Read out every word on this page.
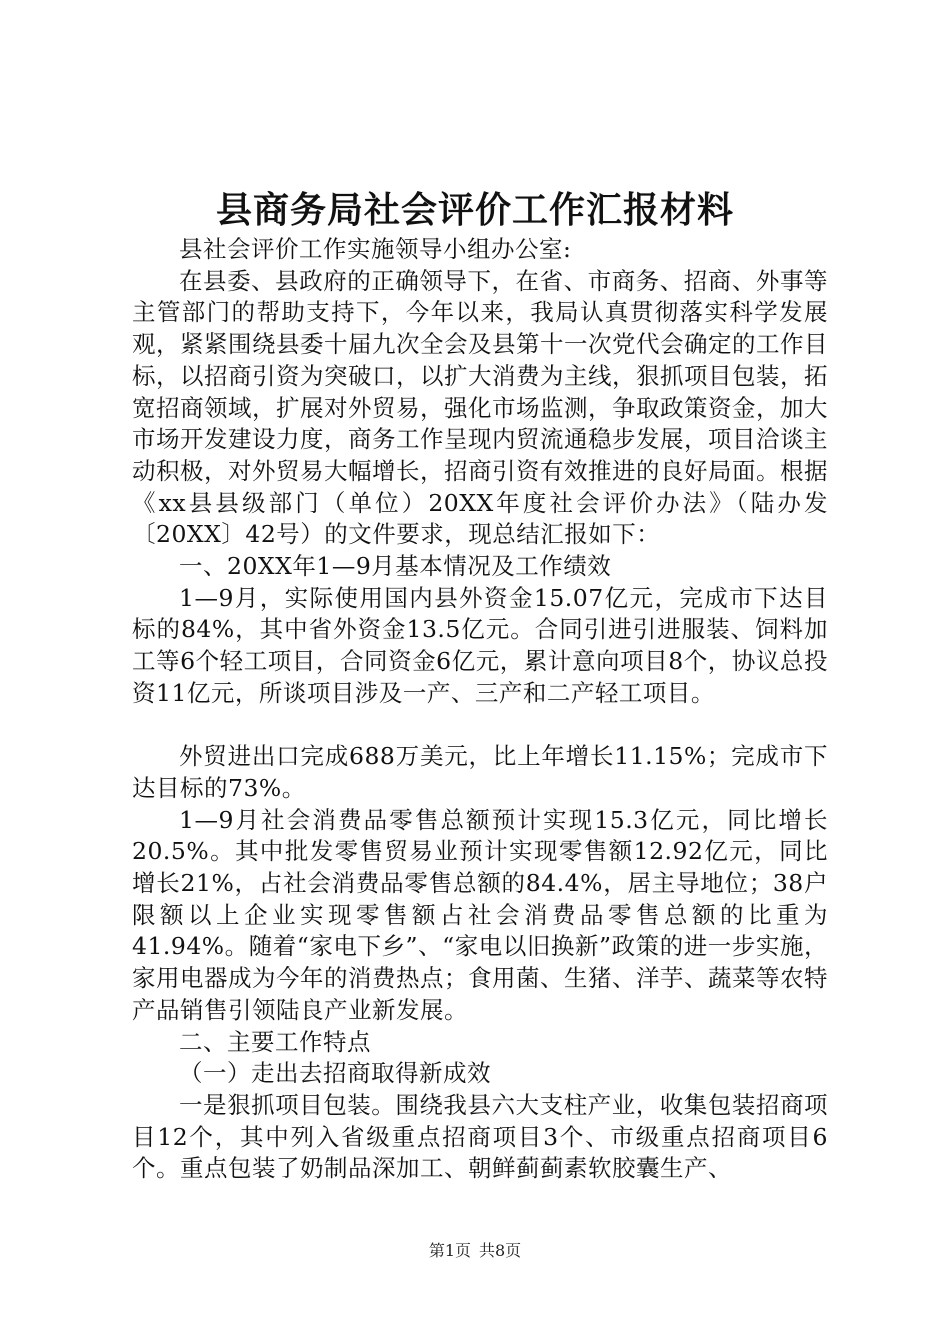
县商务局社会评价工作汇报材料

县社会评价工作实施领导小组办公室:

在县委、县政府的正确领导下，在省、市商务、招商、外事等主管部门的帮助支持下，今年以来，我局认真贯彻落实科学发展观，紧紧围绕县委十届九次全会及县第十一次党代会确定的工作目标，以招商引资为突破口，以扩大消费为主线，狠抓项目包装，拓宽招商领域，扩展对外贸易，强化市场监测，争取政策资金，加大市场开发建设力度，商务工作呈现内贸流通稳步发展，项目洽谈主动积极，对外贸易大幅增长，招商引资有效推进的良好局面。根据《xx县县级部门（单位）20XX年度社会评价办法》（陆办发〔20XX〕42号）的文件要求，现总结汇报如下：

一、20XX年1—9月基本情况及工作绩效

1—9月，实际使用国内县外资金15.07亿元，完成市下达目标的84%，其中省外资金13.5亿元。合同引进引进服装、饲料加工等6个轻工项目，合同资金6亿元，累计意向项目8个，协议总投资11亿元，所谈项目涉及一产、三产和二产轻工项目。

外贸进出口完成688万美元，比上年增长11.15%；完成市下达目标的73%。

1—9月社会消费品零售总额预计实现15.3亿元，同比增长20.5%。其中批发零售贸易业预计实现零售额12.92亿元，同比增长21%，占社会消费品零售总额的84.4%，居主导地位；38户限额以上企业实现零售额占社会消费品零售总额的比重为41.94%。随着“家电下乡”、“家电以旧换新”政策的进一步实施，家用电器成为今年的消费热点；食用菌、生猪、洋芋、蔬菜等农特产品销售引领陆良产业新发展。

二、主要工作特点

（一）走出去招商取得新成效

一是狠抓项目包装。围绕我县六大支柱产业，收集包装招商项目12个，其中列入省级重点招商项目3个、市级重点招商项目6个。重点包装了奶制品深加工、朝鲜蓟蓟素软胶囊生产、

第1页 共8页
